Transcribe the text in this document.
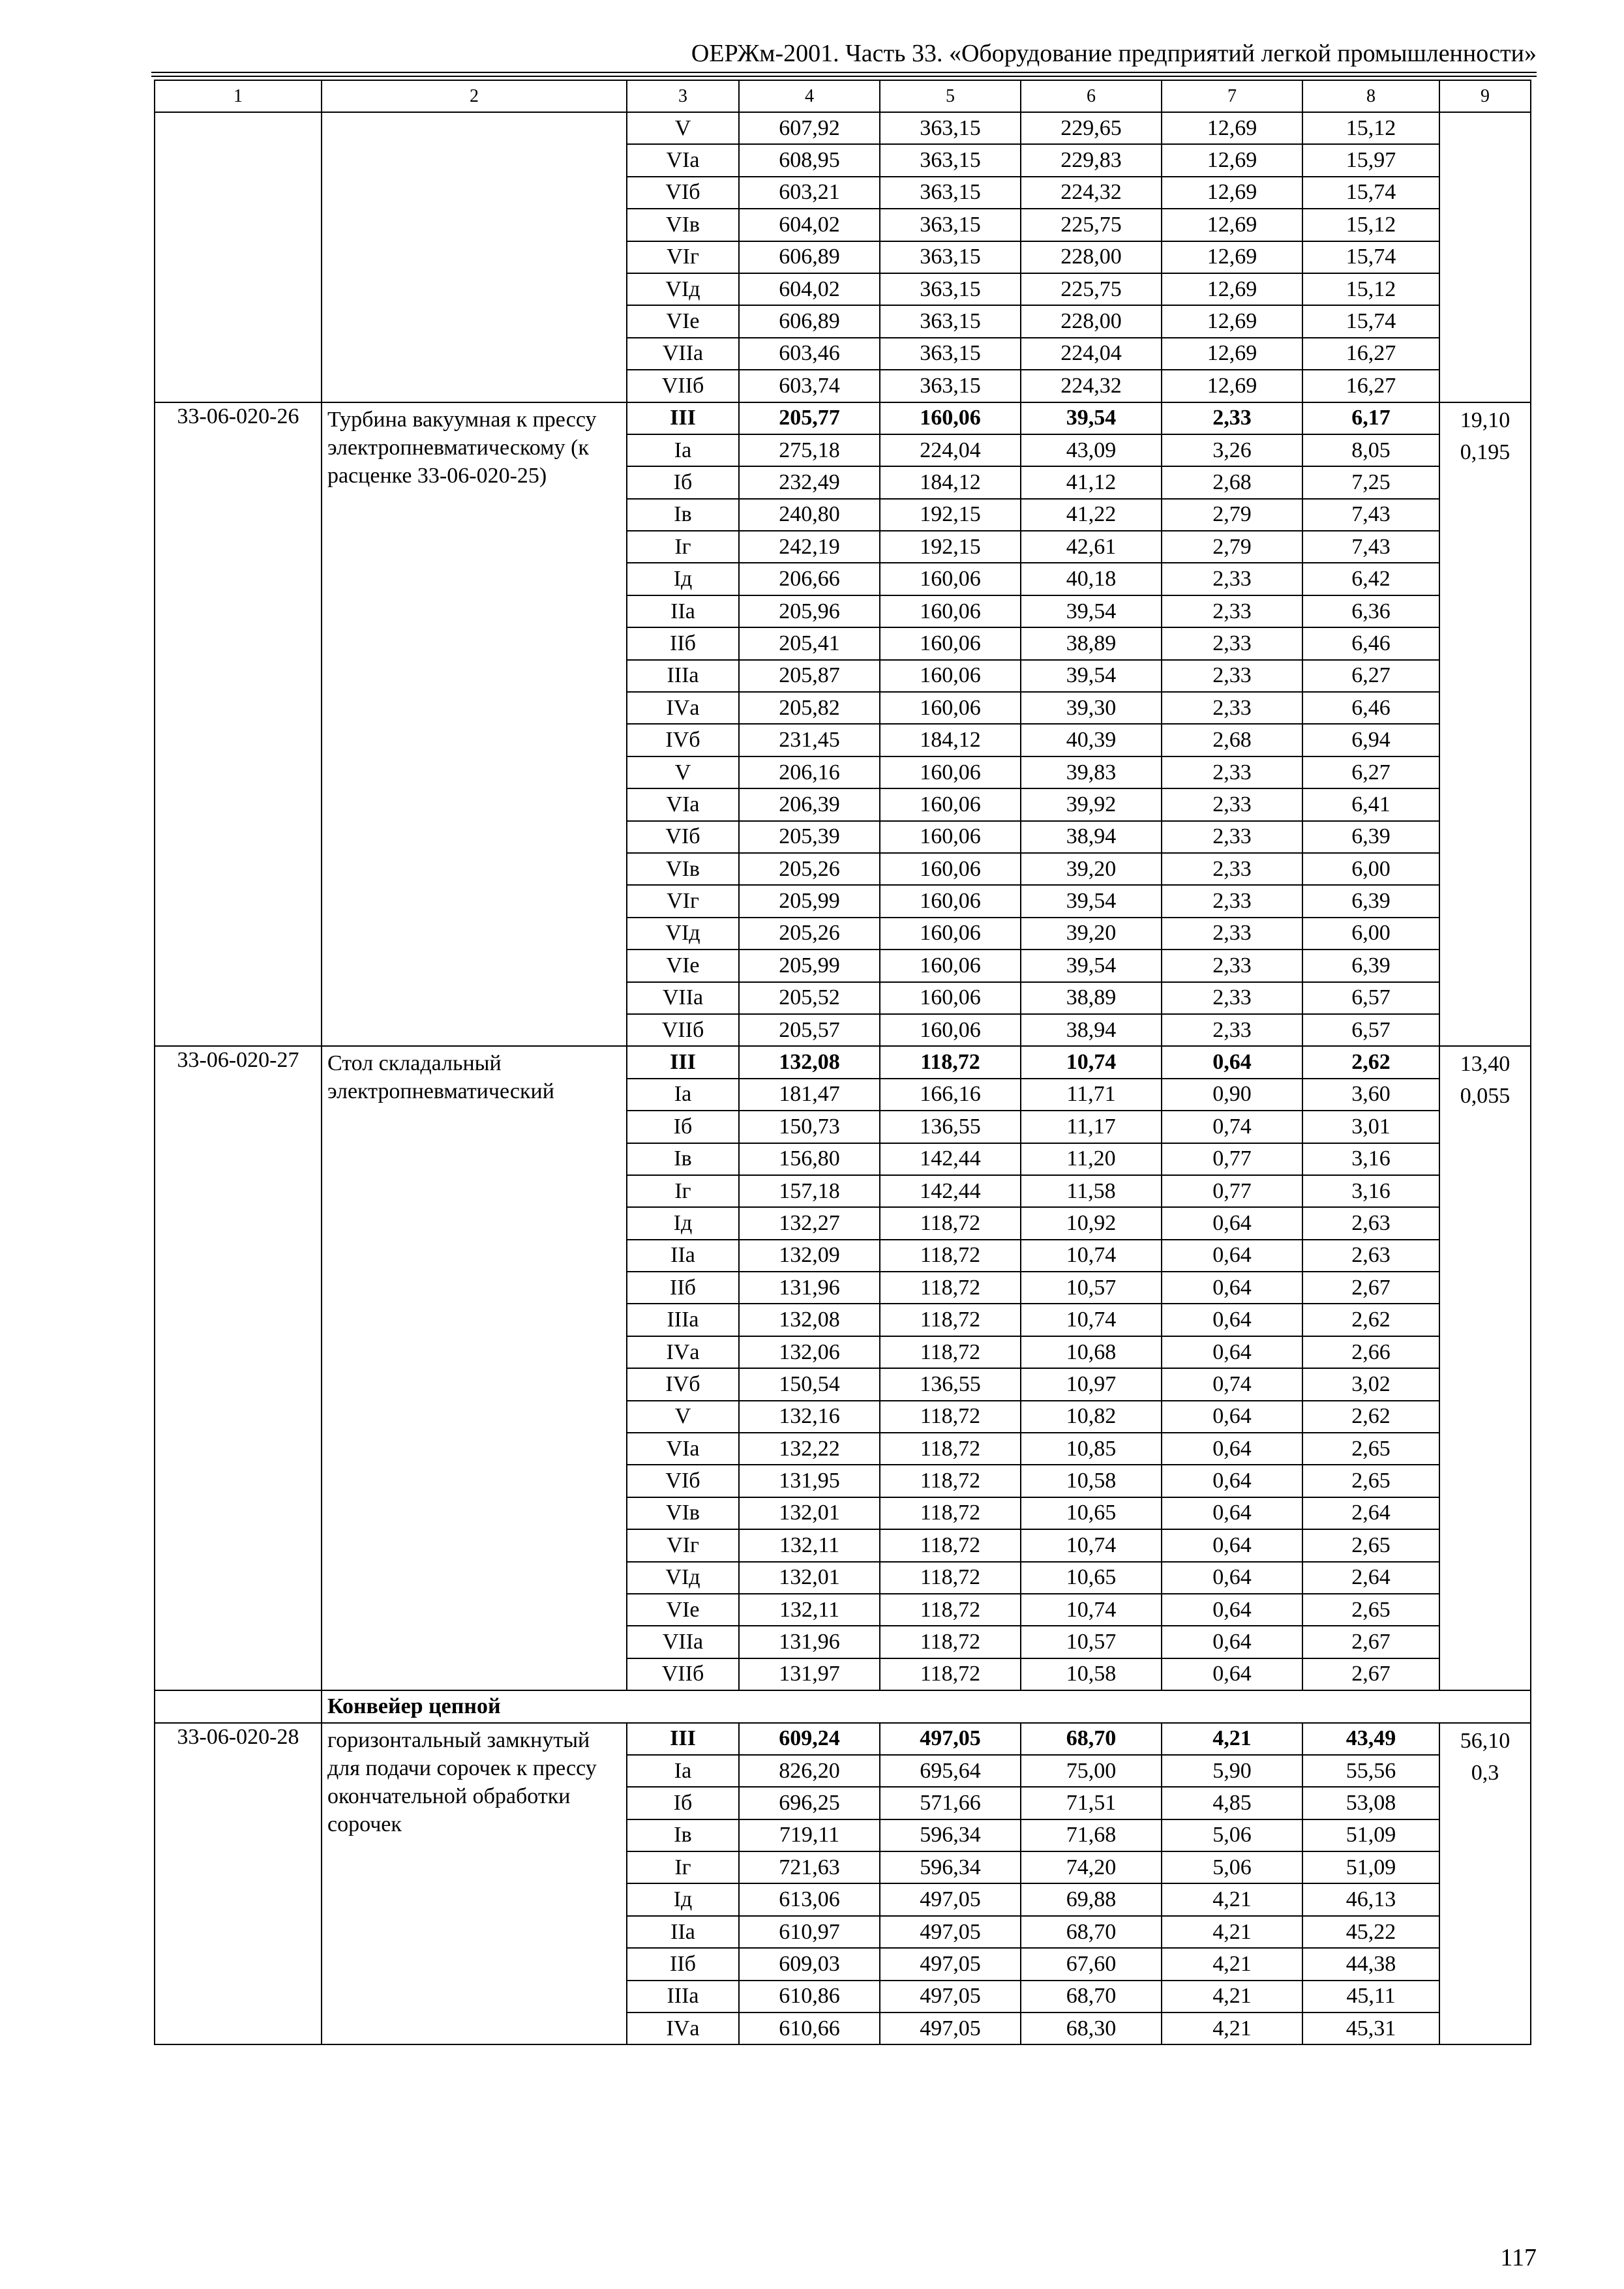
ОЕРЖм-2001. Часть 33. «Оборудование предприятий легкой промышленности»
1	2	3	4	5	6	7	8	9
		V	607,92	363,15	229,65	12,69	15,12	
		VIа	608,95	363,15	229,83	12,69	15,97	
		VIб	603,21	363,15	224,32	12,69	15,74	
		VIв	604,02	363,15	225,75	12,69	15,12	
		VIг	606,89	363,15	228,00	12,69	15,74	
		VIд	604,02	363,15	225,75	12,69	15,12	
		VIе	606,89	363,15	228,00	12,69	15,74	
		VIIа	603,46	363,15	224,04	12,69	16,27	
		VIIб	603,74	363,15	224,32	12,69	16,27	
33-06-020-26	Турбина вакуумная к прессу электропневматическому (к расценке 33-06-020-25)	III	205,77	160,06	39,54	2,33	6,17	19,10
0,195

		Iа	275,18	224,04	43,09	3,26	8,05	
		Iб	232,49	184,12	41,12	2,68	7,25	
		Iв	240,80	192,15	41,22	2,79	7,43	
		Iг	242,19	192,15	42,61	2,79	7,43	
		Iд	206,66	160,06	40,18	2,33	6,42	
		IIа	205,96	160,06	39,54	2,33	6,36	
		IIб	205,41	160,06	38,89	2,33	6,46	
		IIIа	205,87	160,06	39,54	2,33	6,27	
		IVа	205,82	160,06	39,30	2,33	6,46	
		IVб	231,45	184,12	40,39	2,68	6,94	
		V	206,16	160,06	39,83	2,33	6,27	
		VIа	206,39	160,06	39,92	2,33	6,41	
		VIб	205,39	160,06	38,94	2,33	6,39	
		VIв	205,26	160,06	39,20	2,33	6,00	
		VIг	205,99	160,06	39,54	2,33	6,39	
		VIд	205,26	160,06	39,20	2,33	6,00	
		VIе	205,99	160,06	39,54	2,33	6,39	
		VIIа	205,52	160,06	38,89	2,33	6,57	
		VIIб	205,57	160,06	38,94	2,33	6,57	
33-06-020-27	Стол складальный электропневматический	III	132,08	118,72	10,74	0,64	2,62	13,40
0,055

		Iа	181,47	166,16	11,71	0,90	3,60	
		Iб	150,73	136,55	11,17	0,74	3,01	
		Iв	156,80	142,44	11,20	0,77	3,16	
		Iг	157,18	142,44	11,58	0,77	3,16	
		Iд	132,27	118,72	10,92	0,64	2,63	
		IIа	132,09	118,72	10,74	0,64	2,63	
		IIб	131,96	118,72	10,57	0,64	2,67	
		IIIа	132,08	118,72	10,74	0,64	2,62	
		IVа	132,06	118,72	10,68	0,64	2,66	
		IVб	150,54	136,55	10,97	0,74	3,02	
		V	132,16	118,72	10,82	0,64	2,62	
		VIа	132,22	118,72	10,85	0,64	2,65	
		VIб	131,95	118,72	10,58	0,64	2,65	
		VIв	132,01	118,72	10,65	0,64	2,64	
		VIг	132,11	118,72	10,74	0,64	2,65	
		VIд	132,01	118,72	10,65	0,64	2,64	
		VIе	132,11	118,72	10,74	0,64	2,65	
		VIIа	131,96	118,72	10,57	0,64	2,67	
		VIIб	131,97	118,72	10,58	0,64	2,67	
	Конвейер цепной							
33-06-020-28	горизонтальный замкнутый для подачи сорочек к прессу окончательной обработки сорочек	III	609,24	497,05	68,70	4,21	43,49	56,10
0,3

		Iа	826,20	695,64	75,00	5,90	55,56	
		Iб	696,25	571,66	71,51	4,85	53,08	
		Iв	719,11	596,34	71,68	5,06	51,09	
		Iг	721,63	596,34	74,20	5,06	51,09	
		Iд	613,06	497,05	69,88	4,21	46,13	
		IIа	610,97	497,05	68,70	4,21	45,22	
		IIб	609,03	497,05	67,60	4,21	44,38	
		IIIа	610,86	497,05	68,70	4,21	45,11	
		IVа	610,66	497,05	68,30	4,21	45,31	
117
